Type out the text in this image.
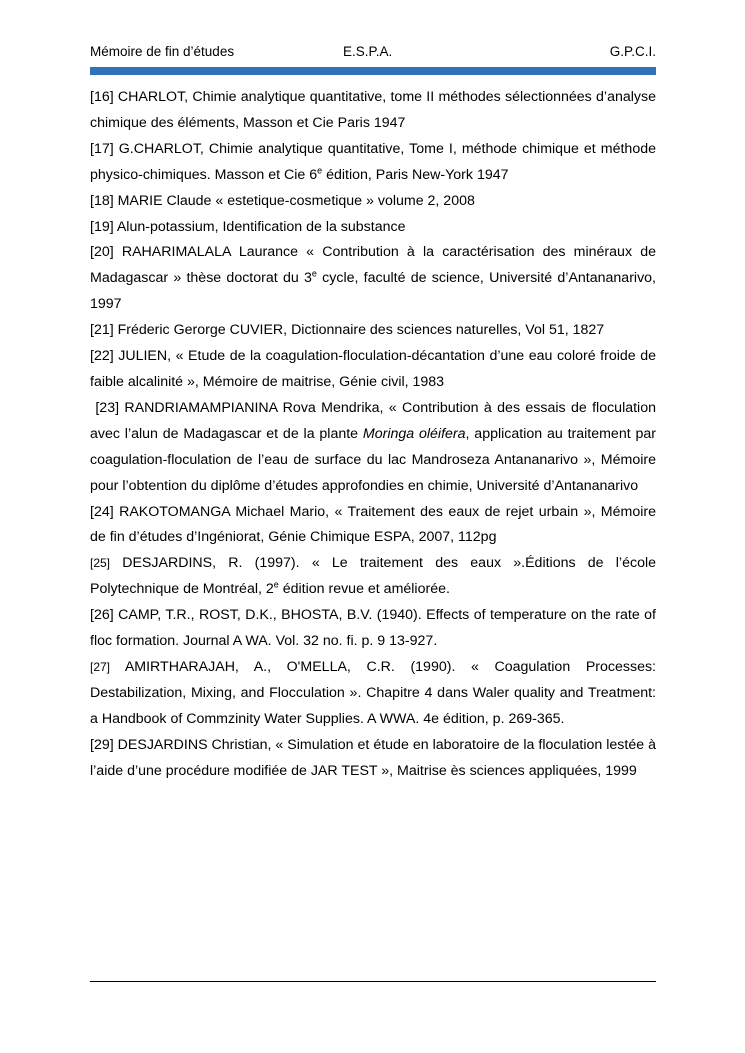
Mémoire de fin d’études	E.S.P.A.	G.P.C.I.

[16] CHARLOT, Chimie analytique quantitative, tome II méthodes sélectionnées d’analyse chimique des éléments, Masson et Cie Paris 1947

[17] G.CHARLOT, Chimie analytique quantitative, Tome I, méthode chimique et méthode physico-chimiques. Masson et Cie 6e édition, Paris New-York 1947

[18] MARIE Claude « estetique-cosmetique » volume 2, 2008

[19] Alun-potassium, Identification de la substance

[20] RAHARIMALALA Laurance « Contribution à la caractérisation des minéraux de Madagascar » thèse doctorat du 3e cycle, faculté de science, Université d’Antananarivo, 1997

[21] Fréderic Gerorge CUVIER, Dictionnaire des sciences naturelles, Vol 51, 1827

[22] JULIEN, « Etude de la coagulation-floculation-décantation d’une eau coloré froide de faible alcalinité », Mémoire de maitrise, Génie civil, 1983

[23] RANDRIAMAMPIANINA Rova Mendrika, « Contribution à des essais de floculation avec l’alun de Madagascar et de la plante Moringa oléifera, application au traitement par coagulation-floculation de l’eau de surface du lac Mandroseza Antananarivo », Mémoire pour l’obtention du diplôme d’études approfondies en chimie, Université d’Antananarivo

[24] RAKOTOMANGA Michael Mario, « Traitement des eaux de rejet urbain », Mémoire de fin d’études d’Ingéniorat, Génie Chimique ESPA, 2007, 112pg

[25] DESJARDINS, R. (1997). « Le traitement des eaux ».Éditions de l’école Polytechnique de Montréal, 2e édition revue et améliorée.

[26] CAMP, T.R., ROST, D.K., BHOSTA, B.V. (1940). Effects of temperature on the rate of floc formation. Journal A WA. Vol. 32 no. fi. p. 9 13-927.

[27] AMIRTHARAJAH, A., O'MELLA, C.R. (1990). « Coagulation Processes: Destabilization, Mixing, and Flocculation ». Chapitre 4 dans Waler quality and Treatment: a Handbook of Commzinity Water Supplies. A WWA. 4e édition, p. 269-365.

[29] DESJARDINS Christian, « Simulation et étude en laboratoire de la floculation lestée à l’aide d’une procédure modifiée de JAR TEST », Maitrise ès sciences appliquées, 1999
